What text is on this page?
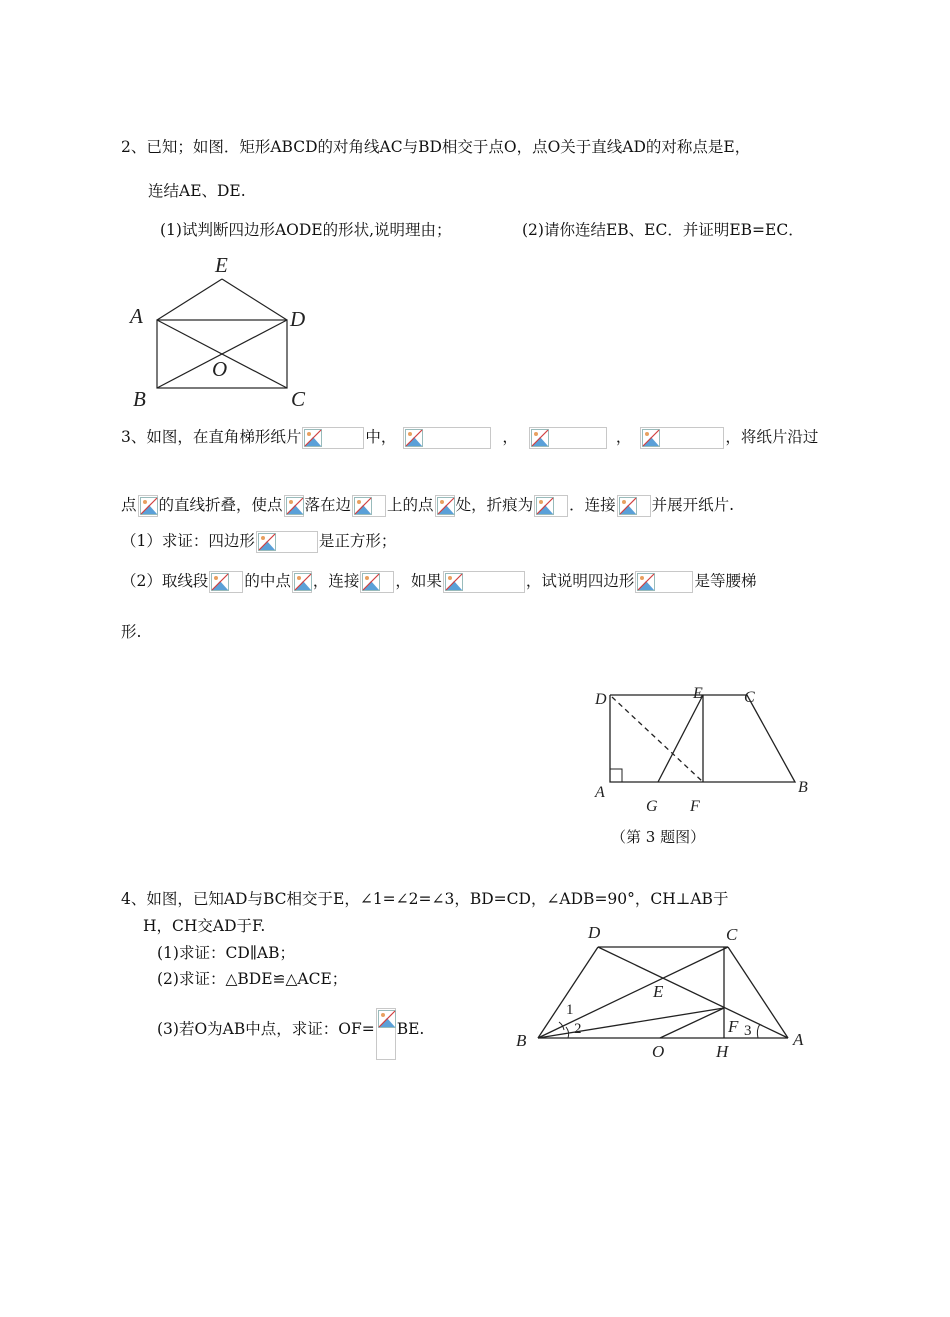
2、已知；如图．矩形ABCD的对角线AC与BD相交于点O，点O关于直线AD的对称点是E，
连结AE、DE.
(1)试判断四边形AODE的形状,说明理由；	(2)请你连结EB、EC．并证明EB=EC．
E
A	D
O
B	C
3、如图，在直角梯形纸片	中，	，	，	，将纸片沿过
点 的直线折叠，使点 落在边 上的点 处，折痕为 ．连接 并展开纸片.
（1）求证：四边形	是正方形；
（2）取线段 的中点 ，连接 ，如果	，试说明四边形	是等腰梯
形.
D	E	C
A	B
G F
（第 3 题图）
4、如图，已知AD与BC相交于E，∠1=∠2=∠3，BD=CD，∠ADB=90°，CH⊥AB于
H，CH交AD于F.
(1)求证：CD∥AB；
(2)求证：△BDE≌△ACE；
(3)若O为AB中点，求证：OF= BE.
D	C
E
F
B	A
O	H
1
2	3
